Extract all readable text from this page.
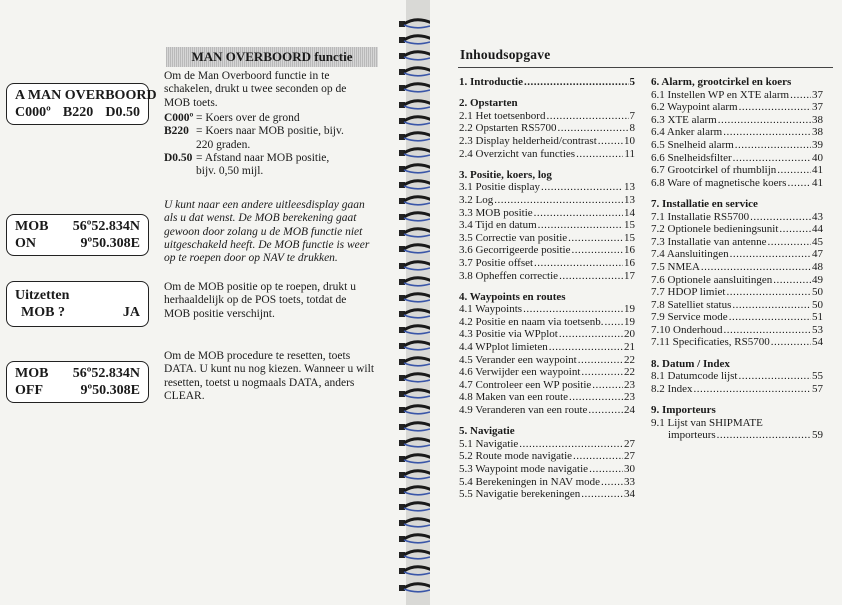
MAN OVERBOORD functie
A MAN OVERBOORD
C000º B220 D0.50
MOB 56º52.834N
ON	9º50.308E
Uitzetten
MOB ?	JA
MOB 56º52.834N
OFF	9º50.308E
Om de Man Overboord functie in te schakelen, drukt u twee seconden op de MOB toets.
C000º = Koers over de grond
B220 = Koers naar MOB positie, bijv. 220 graden.
D0.50 = Afstand naar MOB positie, bijv. 0,50 mijl.
U kunt naar een andere uitleesdisplay gaan als u dat wenst. De MOB berekening gaat gewoon door zolang u de MOB functie niet uitgeschakeld heeft. De MOB functie is weer op te roepen door op NAV te drukken.
Om de MOB positie op te roepen, drukt u herhaaldelijk op de POS toets, totdat de MOB positie verschijnt.
Om de MOB procedure te resetten, toets DATA. U kunt nu nog kiezen. Wanneer u wilt resetten, toetst u nogmaals DATA, anders CLEAR.
Inhoudsopgave
1. Introductie .....	5
2. Opstarten
2.1 Het toetsenbord .....	7
2.2 Opstarten RS5700 .....	8
2.3 Display helderheid/contrast ..... 10
2.4 Overzicht van functies .....	11
3. Positie, koers, log
3.1 Positie display .....	13
3.2 Log .....	13
3.3 MOB positie .....	14
3.4 Tijd en datum .....	15
3.5 Correctie van positie .....	15
3.6 Gecorrigeerde positie .....	16
3.7 Positie offset .....	16
3.8 Opheffen correctie .....	17
4. Waypoints en routes
4.1 Waypoints .....	19
4.2 Positie en naam via toetsenb. ..... 19
4.3 Positie via WPplot .....	20
4.4 WPplot limieten .....	21
4.5 Verander een waypoint .....	22
4.6 Verwijder een waypoint .....	22
4.7 Controleer een WP positie .....	23
4.8 Maken van een route .....	23
4.9 Veranderen van een route .....	24
5. Navigatie
5.1 Navigatie .....	27
5.2 Route mode navigatie .....	27
5.3 Waypoint mode navigatie .....	30
5.4 Berekeningen in NAV mode ..... 33
5.5 Navigatie berekeningen .....	34
6. Alarm, grootcirkel en koers
6.1 Instellen WP en XTE alarm ..... 37
6.2 Waypoint alarm .....	37
6.3 XTE alarm .....	38
6.4 Anker alarm .....	38
6.5 Snelheid alarm .....	39
6.6 Snelheidsfilter .....	40
6.7 Grootcirkel of rhumblijn .....	41
6.8 Ware of magnetische koers ..... 41
7. Installatie en service
7.1 Installatie RS5700 .....	43
7.2 Optionele bedieningsunit .....	44
7.3 Installatie van antenne .....	45
7.4 Aansluitingen .....	47
7.5 NMEA .....	48
7.6 Optionele aansluitingen .....	49
7.7 HDOP limiet .....	50
7.8 Satelliet status .....	50
7.9 Service mode .....	51
7.10 Onderhoud .....	53
7.11 Specificaties, RS5700 .....	54
8. Datum / Index
8.1 Datumcode lijst .....	55
8.2 Index .....	57
9. Importeurs
9.1 Lijst van SHIPMATE
importeurs .....	59
